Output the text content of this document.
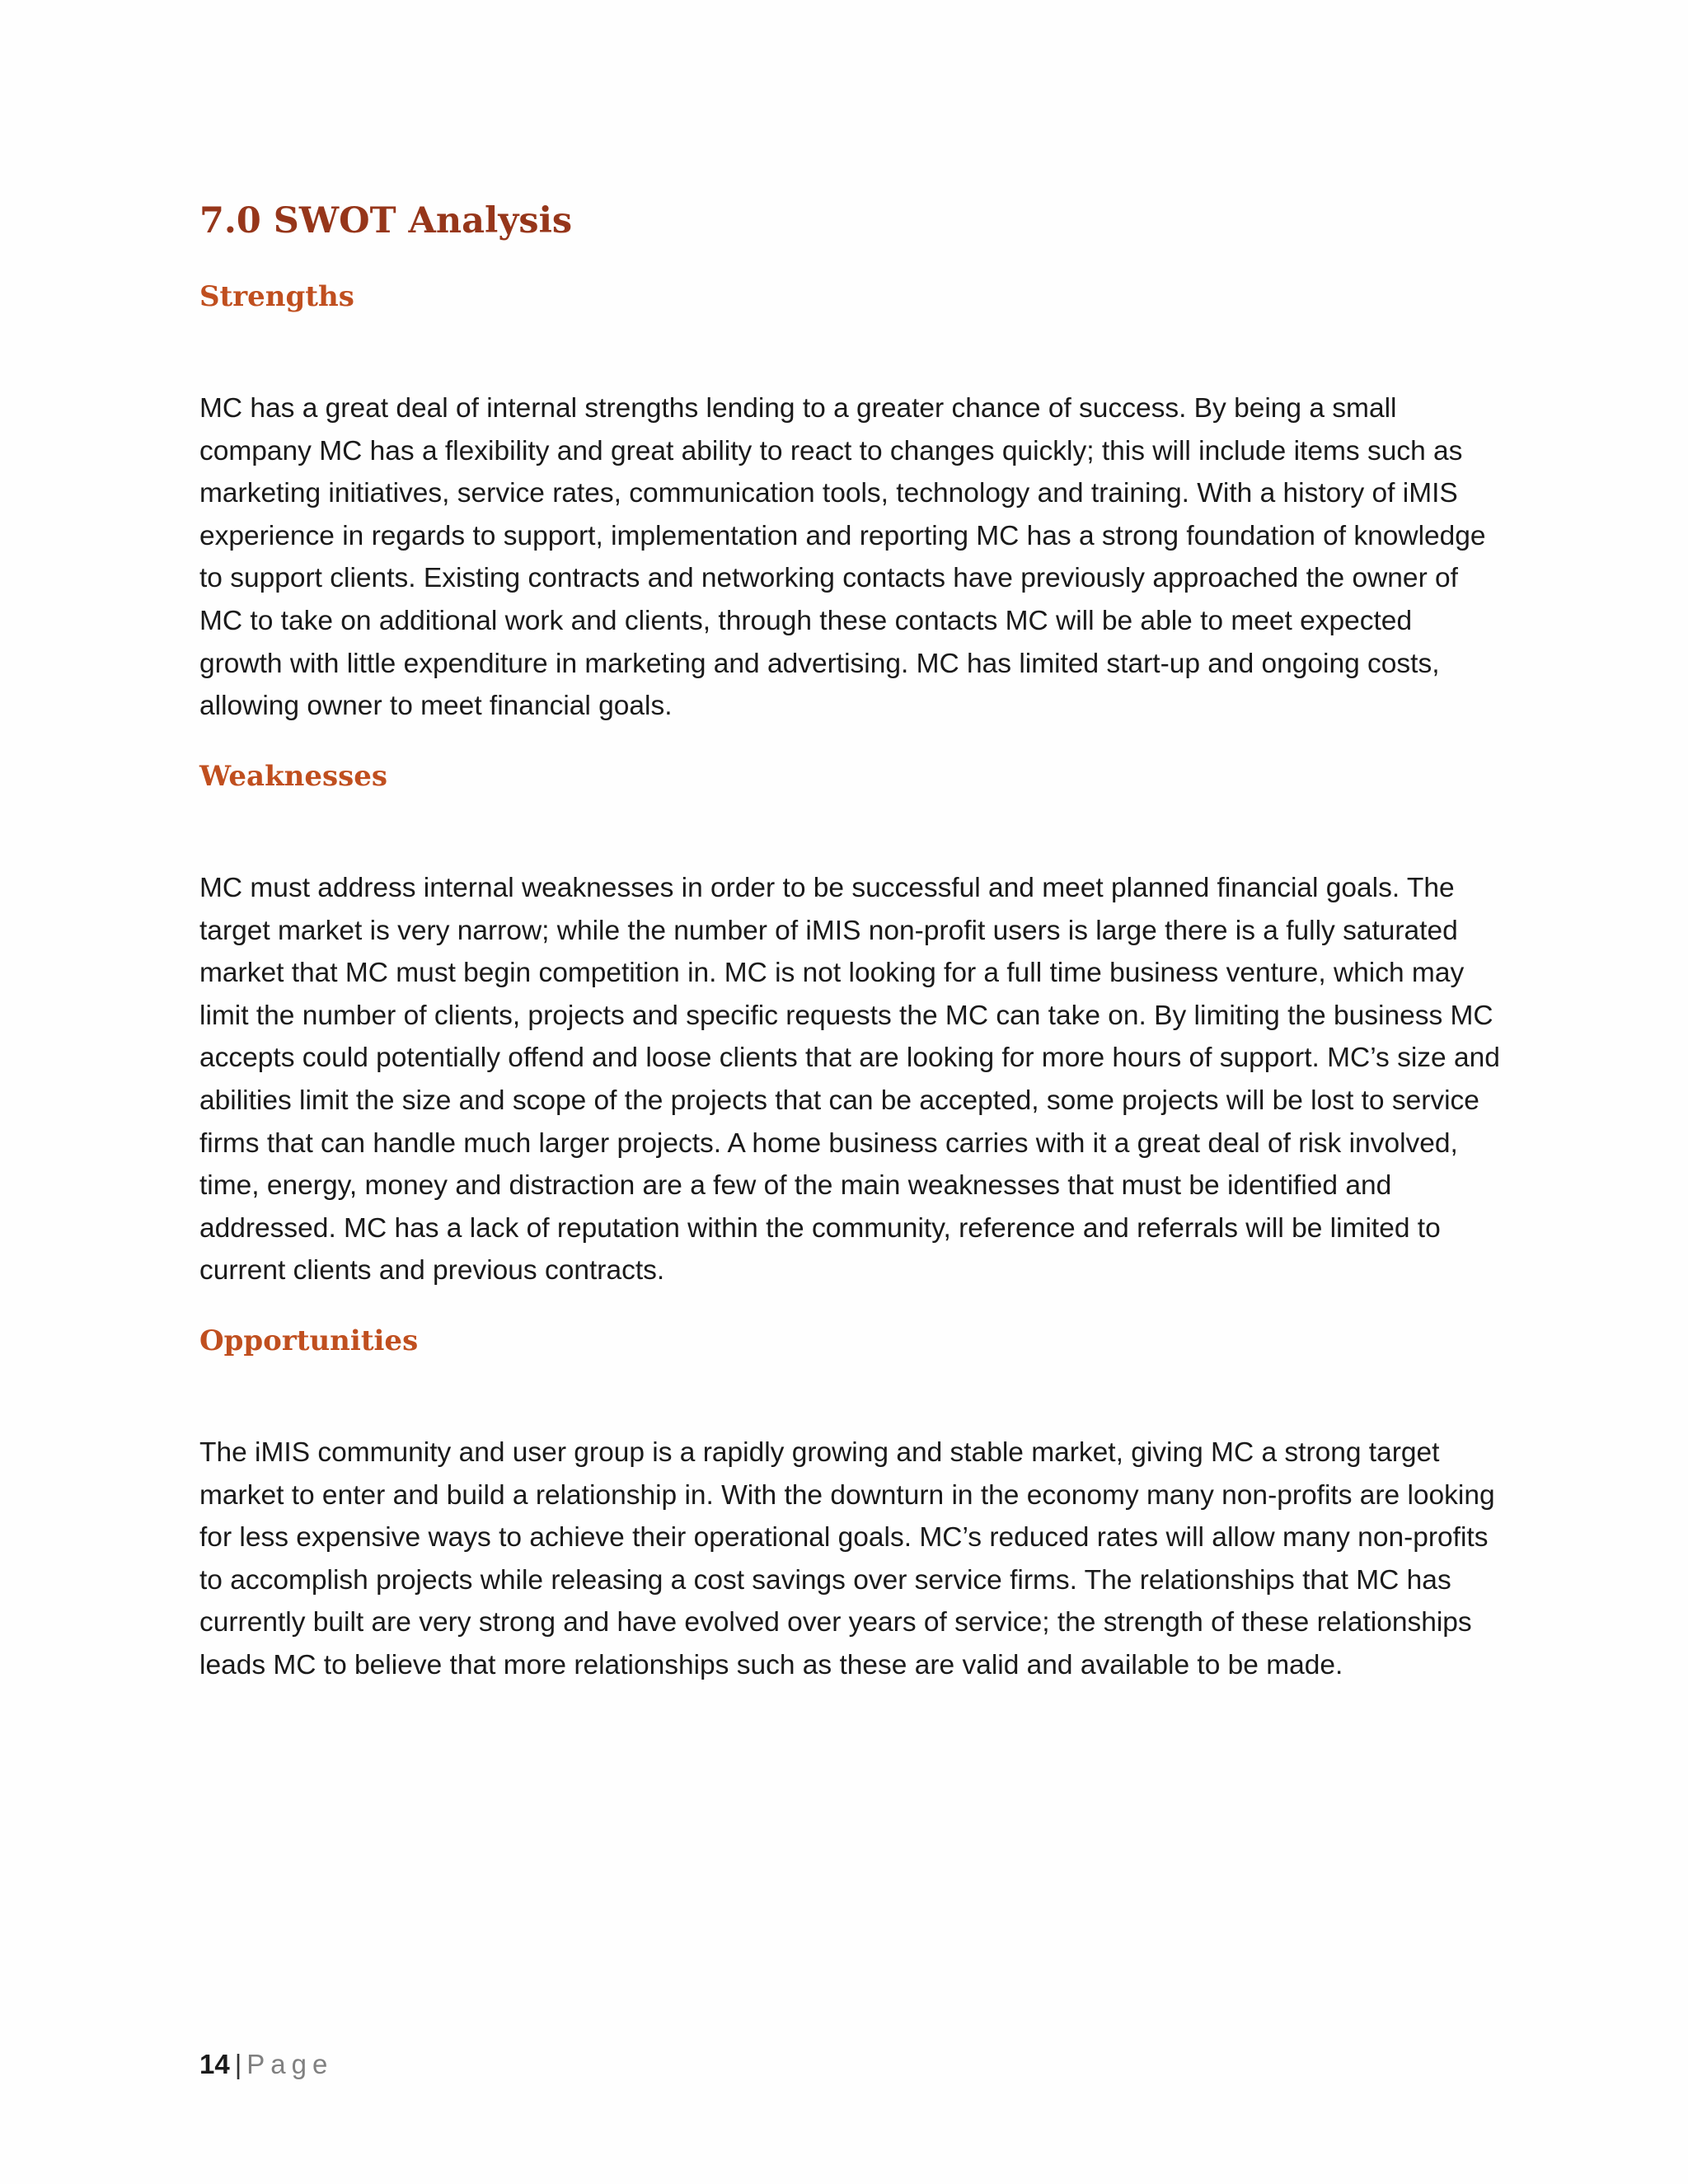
7.0 SWOT Analysis
Strengths

MC has a great deal of internal strengths lending to a greater chance of success. By being a small company MC has a flexibility and great ability to react to changes quickly; this will include items such as marketing initiatives, service rates, communication tools, technology and training. With a history of iMIS experience in regards to support, implementation and reporting MC has a strong foundation of knowledge to support clients. Existing contracts and networking contacts have previously approached the owner of MC to take on additional work and clients, through these contacts MC will be able to meet expected growth with little expenditure in marketing and advertising. MC has limited start-up and ongoing costs, allowing owner to meet financial goals.

Weaknesses

MC must address internal weaknesses in order to be successful and meet planned financial goals. The target market is very narrow; while the number of iMIS non-profit users is large there is a fully saturated market that MC must begin competition in. MC is not looking for a full time business venture, which may limit the number of clients, projects and specific requests the MC can take on. By limiting the business MC accepts could potentially offend and loose clients that are looking for more hours of support. MC’s size and abilities limit the size and scope of the projects that can be accepted, some projects will be lost to service firms that can handle much larger projects. A home business carries with it a great deal of risk involved, time, energy, money and distraction are a few of the main weaknesses that must be identified and addressed. MC has a lack of reputation within the community, reference and referrals will be limited to current clients and previous contracts.

Opportunities

The iMIS community and user group is a rapidly growing and stable market, giving MC a strong target market to enter and build a relationship in. With the downturn in the economy many non-profits are looking for less expensive ways to achieve their operational goals. MC’s reduced rates will allow many non-profits to accomplish projects while releasing a cost savings over service firms. The relationships that MC has currently built are very strong and have evolved over years of service; the strength of these relationships leads MC to believe that more relationships such as these are valid and available to be made.

14 | Page
